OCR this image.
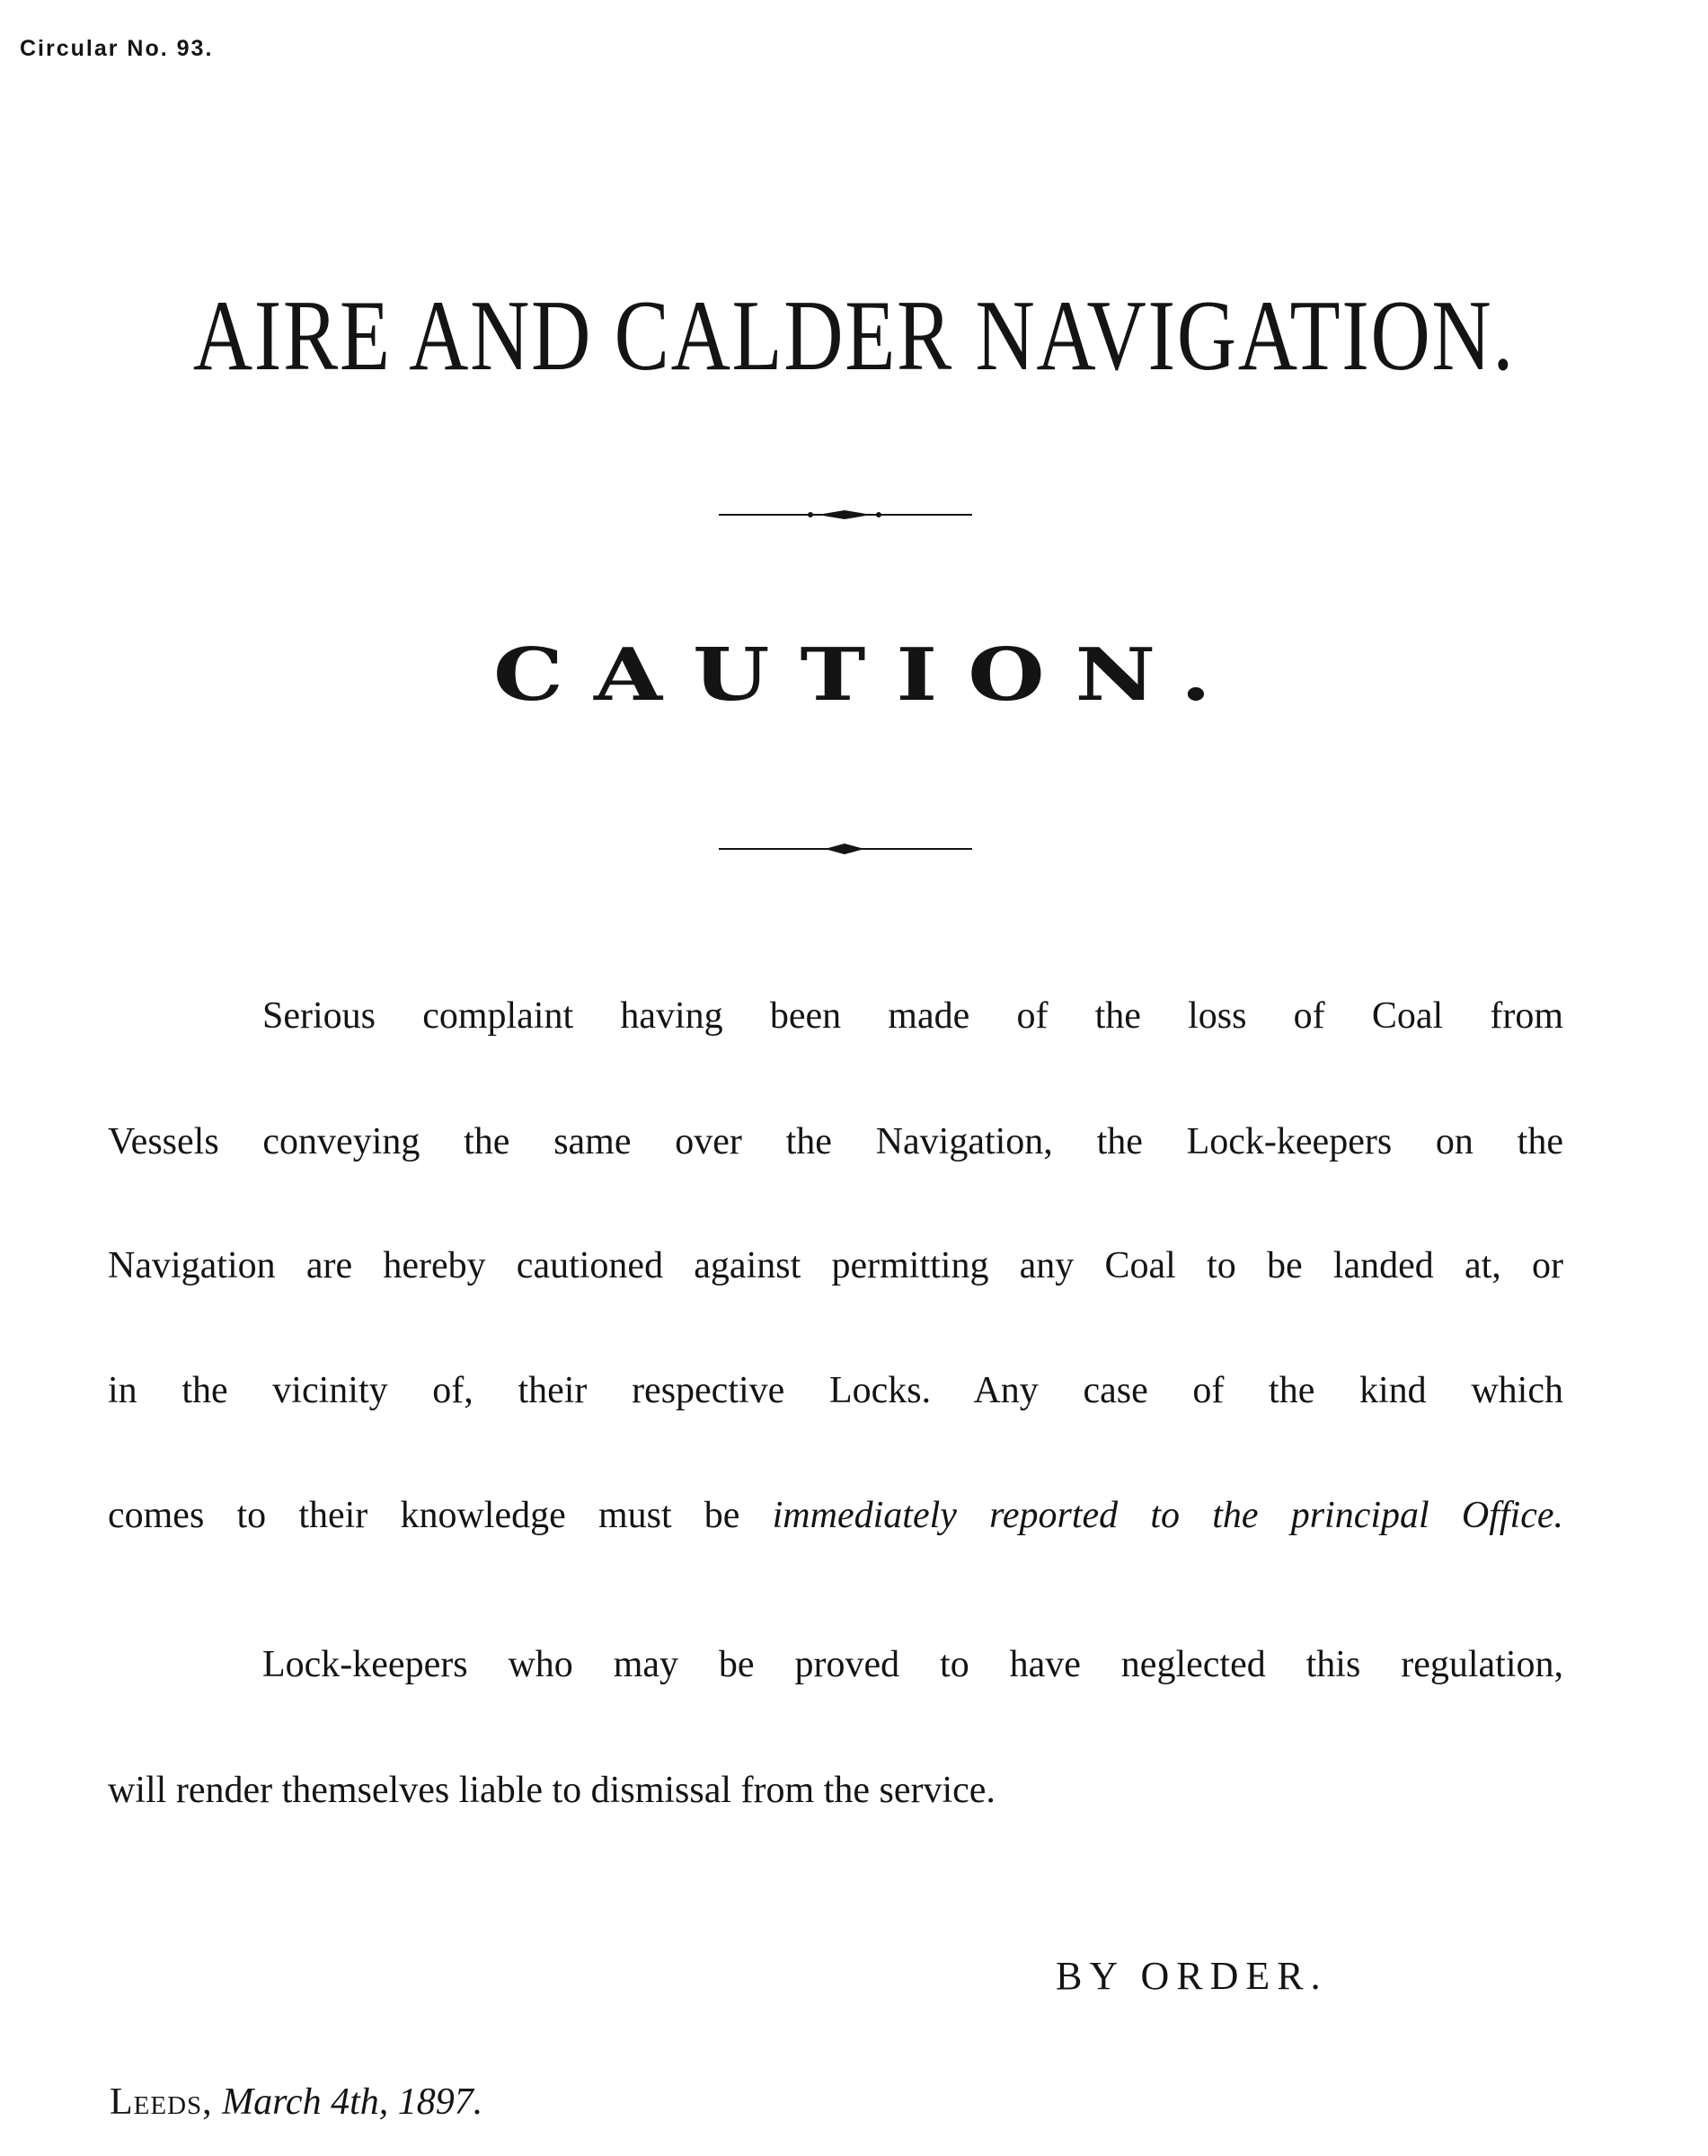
Circular No. 93.
AIRE AND CALDER NAVIGATION.
CAUTION.
Serious complaint having been made of the loss of Coal from
Vessels conveying the same over the Navigation, the Lock-keepers on the
Navigation are hereby cautioned against permitting any Coal to be landed at, or
in the vicinity of, their respective Locks. Any case of the kind which
comes to their knowledge must be immediately reported to the principal Office.
Lock-keepers who may be proved to have neglected this regulation,
will render themselves liable to dismissal from the service.
BY ORDER.
Leeds, March 4th, 1897.
